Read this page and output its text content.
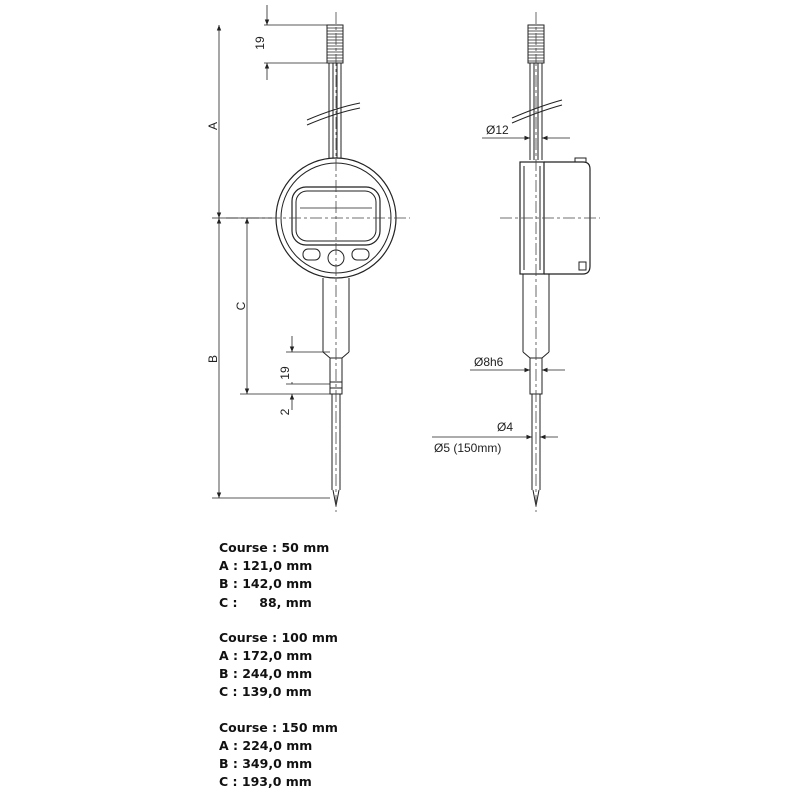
A
B
C
19
19
2
Ø12
Ø8h6
Ø4
Ø5 (150mm)
Course : 50 mm
A : 121,0 mm
B : 142,0 mm
C :     88, mm
Course : 100 mm
A : 172,0 mm
B : 244,0 mm
C : 139,0 mm
Course : 150 mm
A : 224,0 mm
B : 349,0 mm
C : 193,0 mm
